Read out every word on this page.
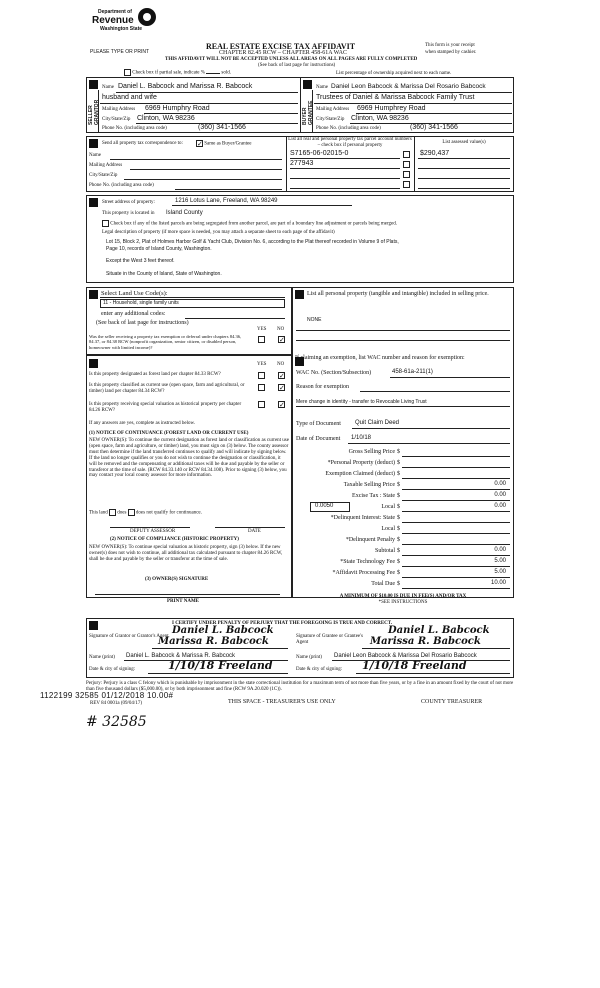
Department of
Revenue
Washington State
PLEASE TYPE OR PRINT
REAL ESTATE EXCISE TAX AFFIDAVIT
CHAPTER 82.45 RCW – CHAPTER 458-61A WAC
THIS AFFIDAVIT WILL NOT BE ACCEPTED UNLESS ALL AREAS ON ALL PAGES ARE FULLY COMPLETED
(See back of last page for instructions)
This form is your receipt
when stamped by cashier.
Check box if partial sale, indicate %	sold.	List percentage of ownership acquired next to each name.
SELLER GRANTOR	BUYER GRANTEE
Name Daniel L. Babcock and Marissa R. Babcock
husband and wife
Mailing Address 6969 Humphry Road
City/State/Zip Clinton, WA 98236
Phone No. (including area code)	(360) 341-1566
Name Daniel Leon Babcock & Marissa Del Rosario Babcock
Trustees of Daniel & Marissa Babcock Family Trust
Mailing Address 6969 Humphrey Road
City/State/Zip Clinton, WA 98236
Phone No. (including area code)	(360) 341-1566
Send all property tax correspondence to:
✓	Same as Buyer/Grantee
Name
Mailing Address
City/State/Zip
Phone No. (including area code)
List all real and personal property tax parcel account numbers – check box if personal property
List assessed value(s)
S7165-06-02015-0	$290,437
277943
Street address of property:	1216 Lotus Lane, Freeland, WA 98249
This property is located in Island County
Check box if any of the listed parcels are being segregated from another parcel, are part of a boundary line adjustment or parcels being merged.
Legal description of property (if more space is needed, you may attach a separate sheet to each page of the affidavit)
Lot 15, Block 2, Plat of Holmes Harbor Golf & Yacht Club, Division No. 6, according to the Plat thereof recorded in Volume 9 of Plats,
Page 10, records of Island County, Washington.
Except the West 3 feet thereof.
Situate in the County of Island, State of Washington.
Select Land Use Code(s):
11 - Household, single family units
enter any additional codes:
(See back of last page for instructions)
YES NO
Was the seller receiving a property tax exemption or deferral under chapters 84.36, 84.37, or 84.38 RCW (nonprofit organization, senior citizen, or disabled person, homeowner with limited income)?
✓
YES NO
Is this property designated as forest land per chapter 84.33 RCW?
✓
Is this property classified as current use (open space, farm and agricultural, or timber) land per chapter 84.34 RCW?
✓
Is this property receiving special valuation as historical property per chapter 84.26 RCW?
✓
If any answers are yes, complete as instructed below.
(1) NOTICE OF CONTINUANCE (FOREST LAND OR CURRENT USE)
NEW OWNER(S): To continue the current designation as forest land or classification as current use (open space, farm and agriculture, or timber) land, you must sign on (3) below. The county assessor must then determine if the land transferred continues to qualify and will indicate by signing below. If the land no longer qualifies or you do not wish to continue the designation or classification, it will be removed and the compensating or additional taxes will be due and payable by the seller or transferor at the time of sale. (RCW 84.33.140 or RCW 84.34.108). Prior to signing (3) below, you may contact your local county assessor for more information.
This land does does not qualify for continuance.
DEPUTY ASSESSOR	DATE
(2) NOTICE OF COMPLIANCE (HISTORIC PROPERTY)
NEW OWNER(S): To continue special valuation as historic property, sign (3) below. If the new owner(s) does not wish to continue, all additional tax calculated pursuant to chapter 84.26 RCW, shall be due and payable by the seller or transferor at the time of sale.
(3) OWNER(S) SIGNATURE
PRINT NAME
List all personal property (tangible and intangible) included in selling price.
NONE
If claiming an exemption, list WAC number and reason for exemption:
WAC No. (Section/Subsection)	458-61a-211(1)
Reason for exemption
Mere change in identity - transfer to Revocable Living Trust
Type of Document Quit Claim Deed
Date of Document 1/10/18
Gross Selling Price $
*Personal Property (deduct) $
Exemption Claimed (deduct) $
Taxable Selling Price $	0.00
Excise Tax : State $	0.00
0.0050	Local $	0.00
*Delinquent Interest: State $
Local $
*Delinquent Penalty $
Subtotal $	0.00
*State Technology Fee $	5.00
*Affidavit Processing Fee $	5.00
Total Due $	10.00
A MINIMUM OF $10.00 IS DUE IN FEE(S) AND/OR TAX
*SEE INSTRUCTIONS
I CERTIFY UNDER PENALTY OF PERJURY THAT THE FOREGOING IS TRUE AND CORRECT.
Signature of Grantor or Grantor's Agent
Daniel L. Babcock
Marissa R. Babcock	Signature of Grantee or Grantee's Agent
Daniel L. Babcock
Marissa R. Babcock
Name (print) Daniel L. Babcock & Marissa R. Babcock	Name (print) Daniel Leon Babcock & Marissa Del Rosario Babcock
Date & city of signing:	1/10/18 Freeland	Date & city of signing: 1/10/18 Freeland
Perjury: Perjury is a class C felony which is punishable by imprisonment in the state correctional institution for a maximum term of not more than five years, or by a fine in an amount fixed by the court of not more than five thousand dollars ($5,000.00), or by both imprisonment and fine (RCW 9A.20.020 (1C)).
1122199 32585 01/12/2018 10.00#
REV 84 0001a (09/04/17)	THIS SPACE - TREASURER'S USE ONLY	COUNTY TREASURER
# 32585
